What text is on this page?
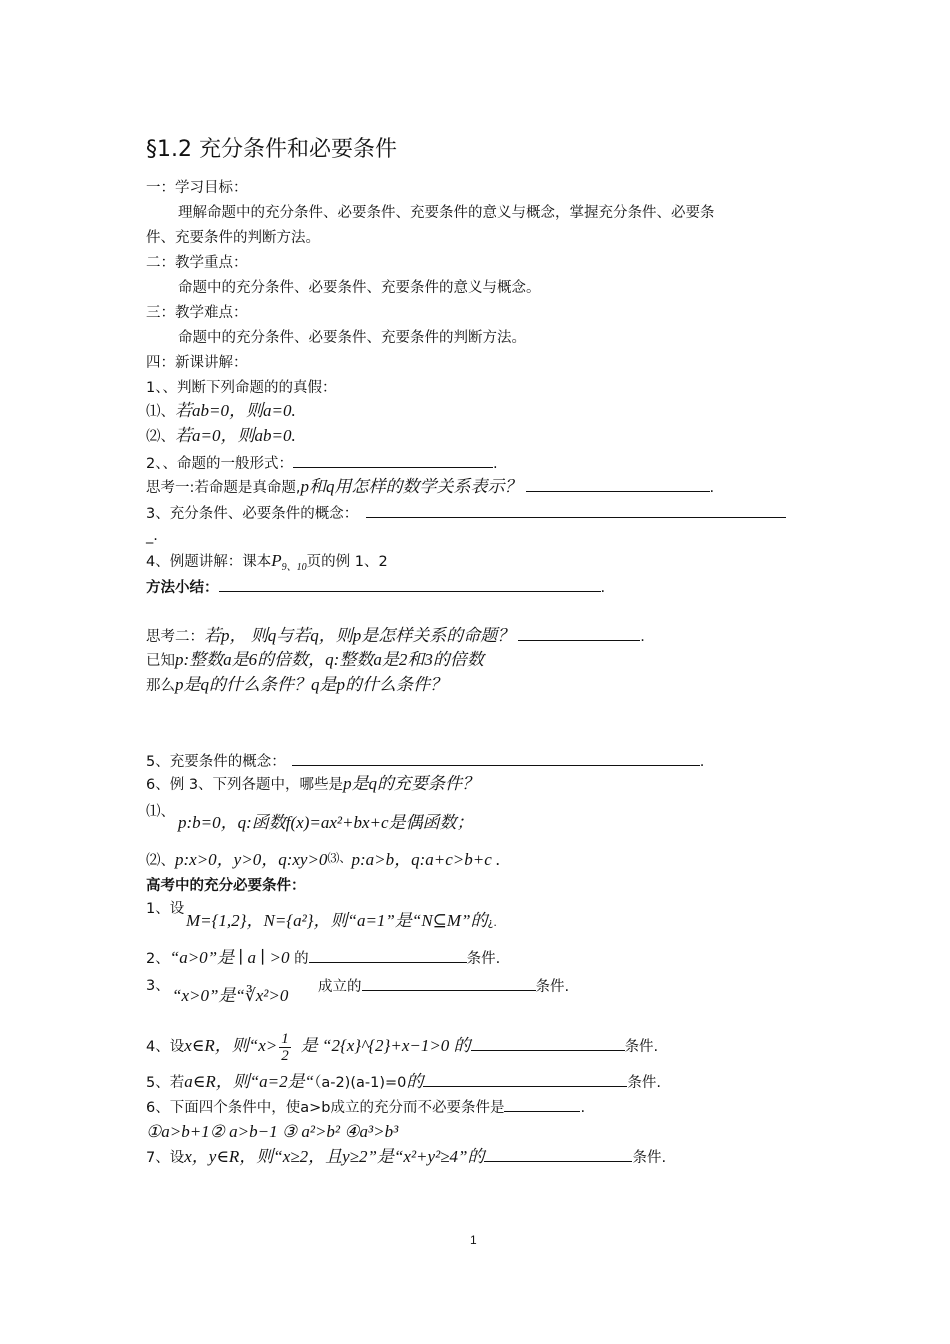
§1.2 充分条件和必要条件
一：学习目标：
理解命题中的充分条件、必要条件、充要条件的意义与概念，掌握充分条件、必要条
件、充要条件的判断方法。
二：教学重点：
命题中的充分条件、必要条件、充要条件的意义与概念。
三：教学难点：
命题中的充分条件、必要条件、充要条件的判断方法。
四：新课讲解：
1、、判断下列命题的的真假：
⑴、若ab=0，则a=0.
⑵、若a=0，则ab=0.
2、、命题的一般形式：	.
思考一:若命题是真命题,p和q用怎样的数学关系表示？	.
3、充分条件、必要条件的概念：
_.
4、例题讲解：课本$P_{9、10}$页的例 1、2
方法小结：	.
思考二：若p， 则q与若q，则p是怎样关系的命题？	.
已知p:整数a是6的倍数，q:整数a是2和3的倍数
那么p是q的什么条件？q是p的什么条件？
5、充要条件的概念：	.
6、例 3、下列各题中，哪些是p是q的充要条件？
⑴、
p:b=0，q:函数f(x)=ax²+bx+c是偶函数；
⑵、p:x>0，y>0，q:xy>0⑶、p:a>b，q:a+c>b+c .
高考中的充分必要条件：
1、设
M={1,2}，N={a²}，则“a=1”是“N⊆M”的¿.
2、“a>0”是 ∣ a ∣ >0 的	条件.
3、 “x>0”是“∛x²>0 成立的	条件.
4、设x∈R，则“$x> \frac{1}{2}$ 是 “2{x}^{2}+x−1>0 的	条件.
5、若a∈R，则“a=2是“（a-2)(a-1)=0的	条件.
6、下面四个条件中，使a>b成立的充分而不必要条件是	.
①a>b+1② a>b−1 ③ a²>b² ④a³>b³
7、设x，y∈R，则“x≥2，且y≥2”是“x²+y²≥4”的	条件.
1
